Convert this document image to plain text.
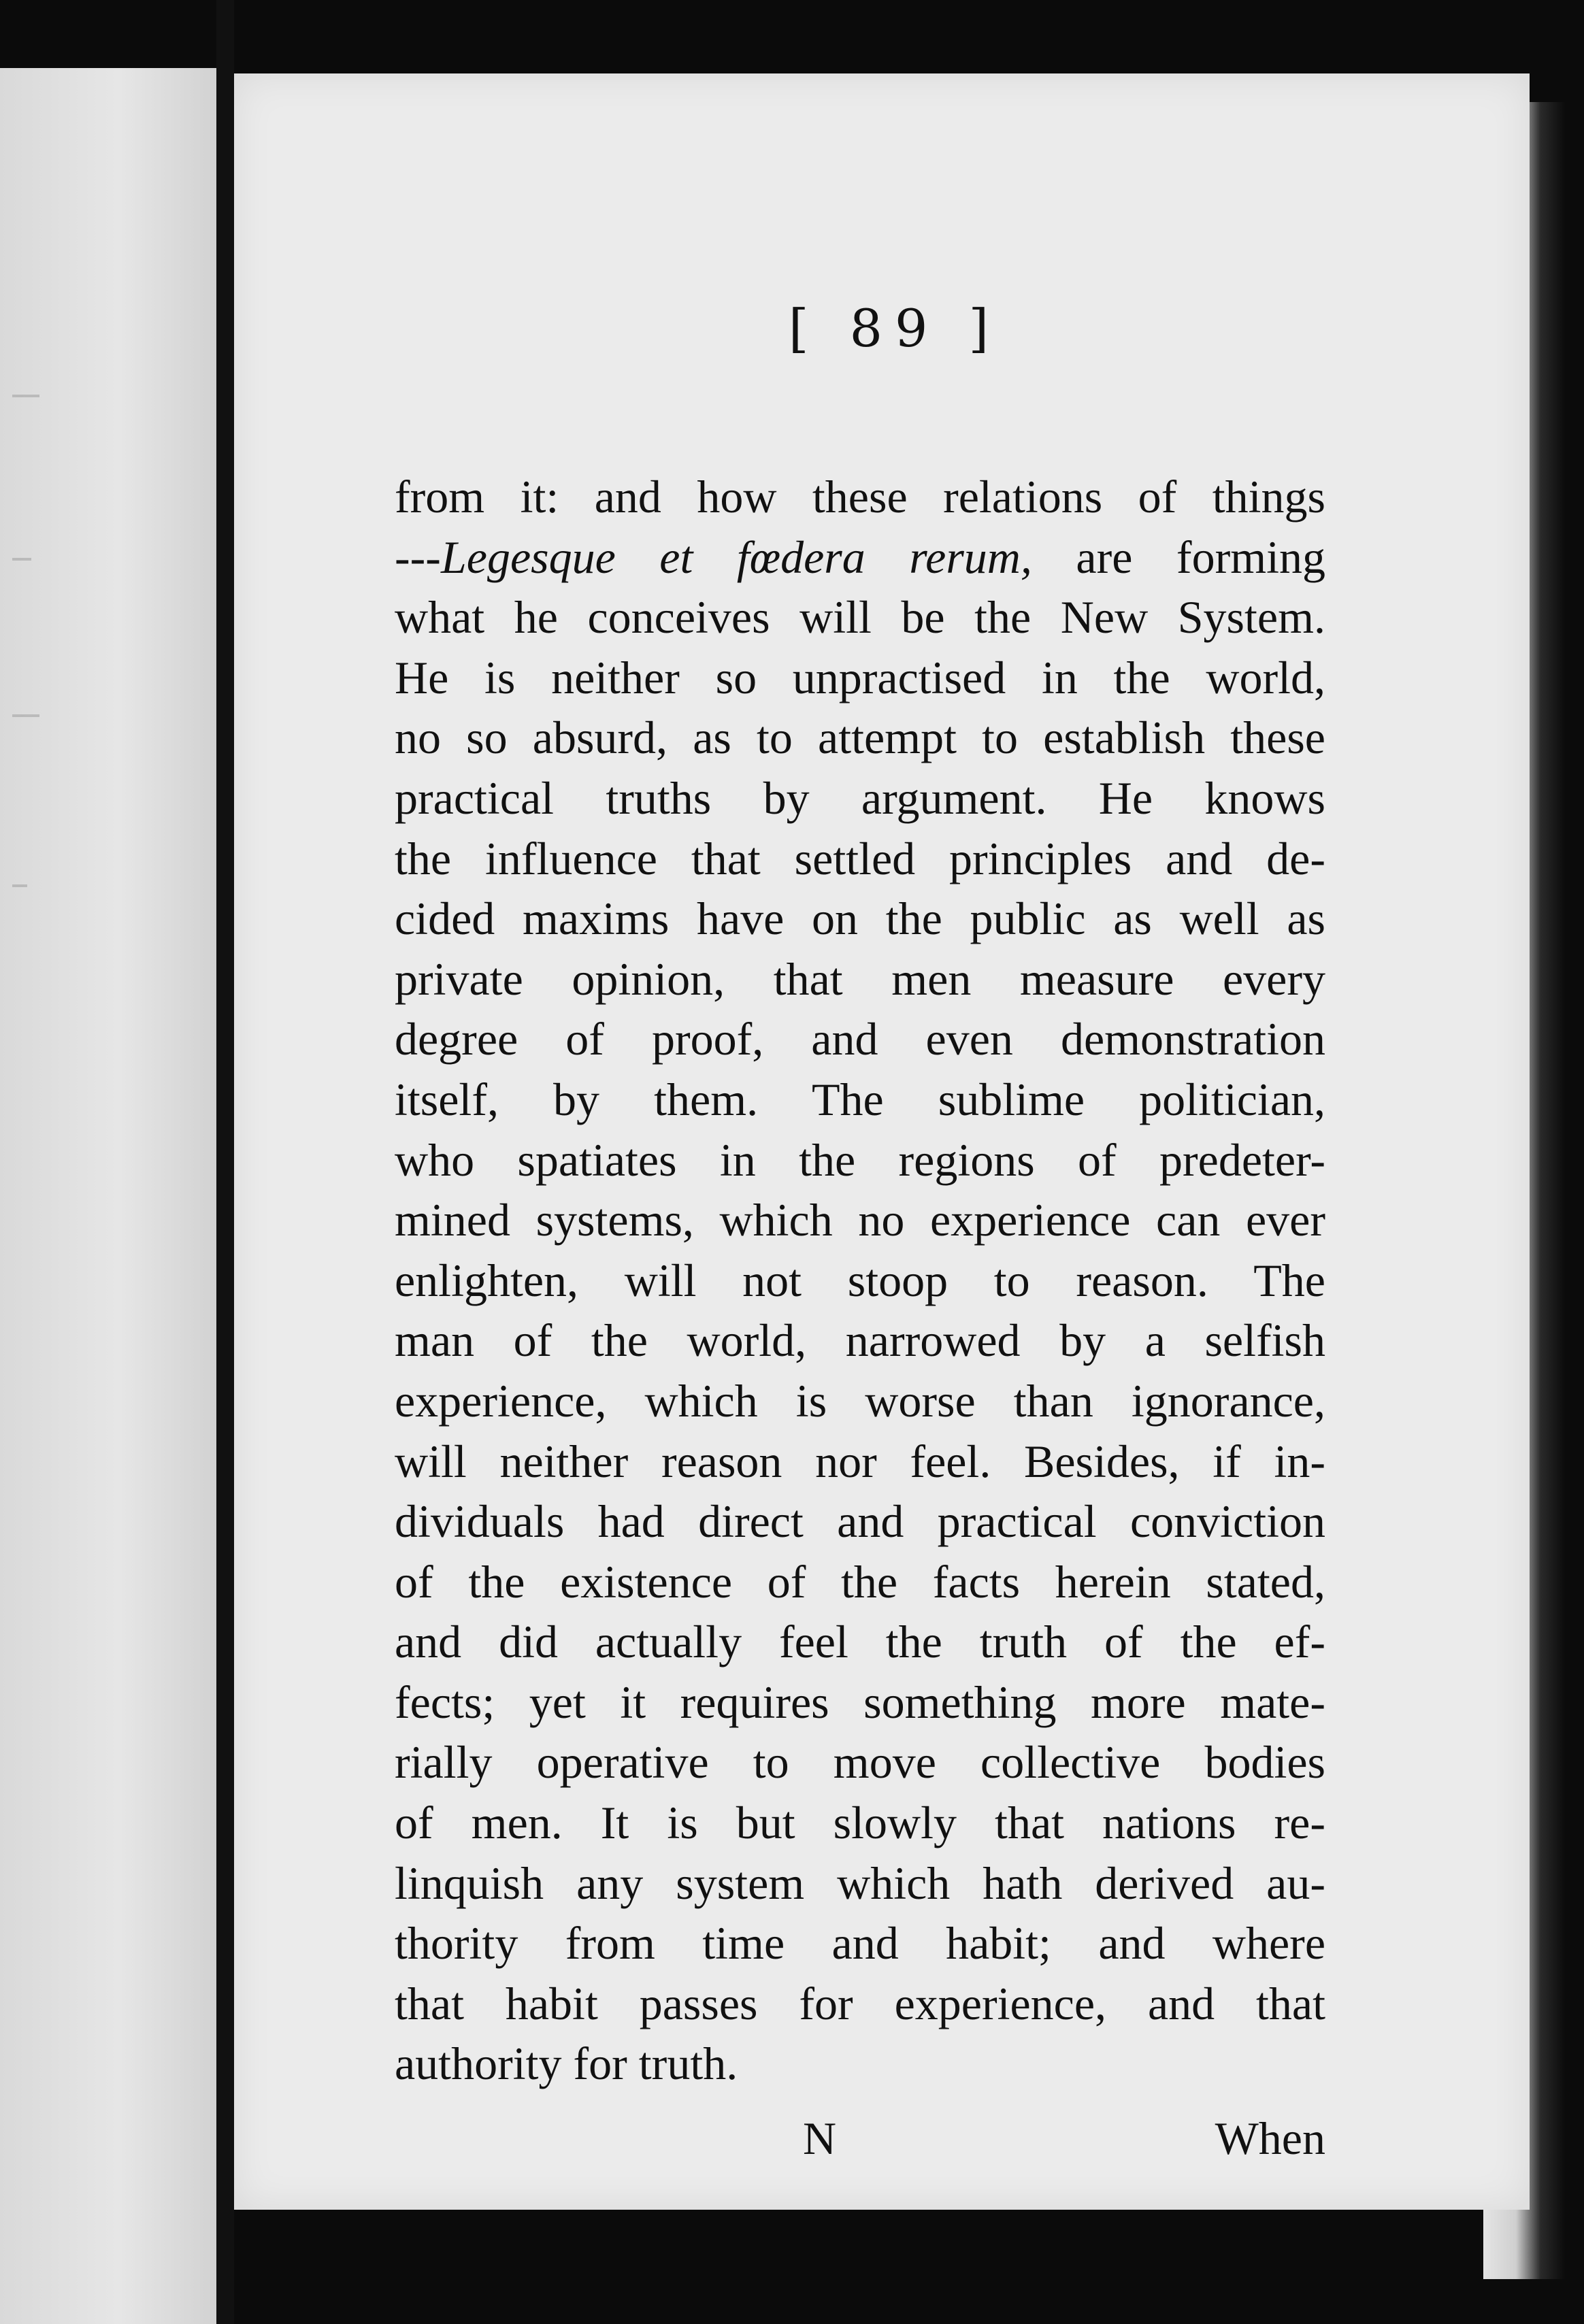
[ 89 ]
from it: and how these relations of things
---Legesque et fœdera rerum, are forming
what he conceives will be the New System.
He is neither so unpractised in the world,
no so absurd, as to attempt to establish these
practical truths by argument. He knows
the influence that settled principles and de-
cided maxims have on the public as well as
private opinion, that men measure every
degree of proof, and even demonstration
itself, by them. The sublime politician,
who spatiates in the regions of predeter-
mined systems, which no experience can ever
enlighten, will not stoop to reason. The
man of the world, narrowed by a selfish
experience, which is worse than ignorance,
will neither reason nor feel. Besides, if in-
dividuals had direct and practical conviction
of the existence of the facts herein stated,
and did actually feel the truth of the ef-
fects; yet it requires something more mate-
rially operative to move collective bodies
of men. It is but slowly that nations re-
linquish any system which hath derived au-
thority from time and habit; and where
that habit passes for experience, and that
authority for truth.
N	When
